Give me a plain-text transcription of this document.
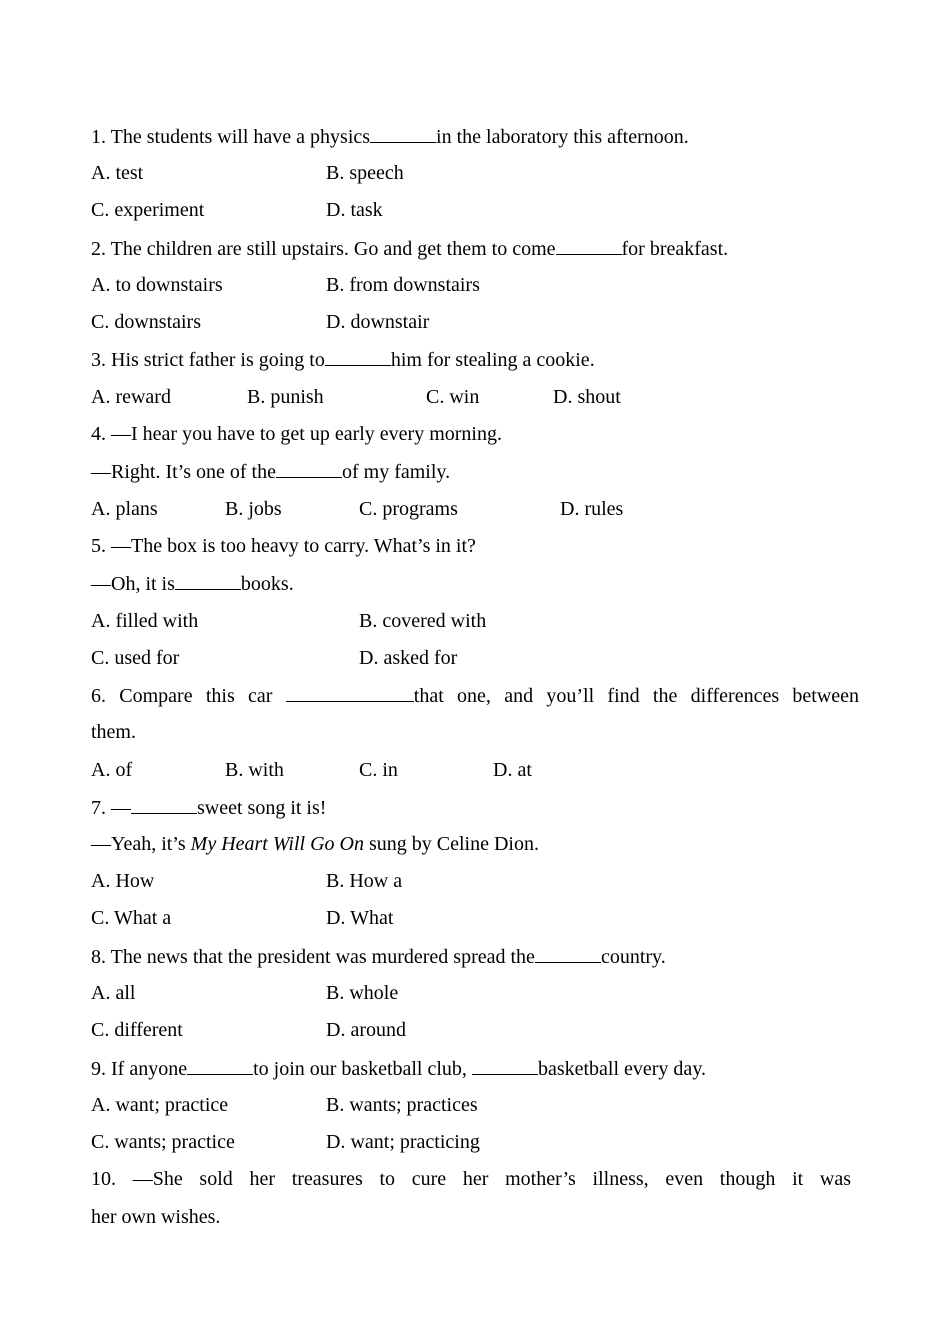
1. The students will have a physics	in the laboratory this afternoon.
A. test	B. speech
C. experiment	D. task
2. The children are still upstairs. Go and get them to come	for breakfast.
A. to downstairs	B. from downstairs
C. downstairs	D. downstair
3. His strict father is going to	him for stealing a cookie.
A. reward	B. punish	C. win	D. shout
4. —I hear you have to get up early every morning.
—Right. It’s one of the	of my family.
A. plans	B. jobs	C. programs	D. rules
5. —The box is too heavy to carry. What’s in it?
—Oh, it is	books.
A. filled with	B. covered with
C. used for	D. asked for
6. Compare this car	that one, and you’ll find the differences between
them.
A. of	B. with	C. in	D. at
7. —	sweet song it is!
—Yeah, it’s My Heart Will Go On sung by Celine Dion.
A. How	B. How a
C. What a	D. What
8. The news that the president was murdered spread the	country.
A. all	B. whole
C. different	D. around
9. If anyone	to join our basketball club,	basketball every day.
A. want; practice	B. wants; practices
C. wants; practice	D. want; practicing
10. —She sold her treasures to cure her mother’s illness, even though it was
her own wishes.
